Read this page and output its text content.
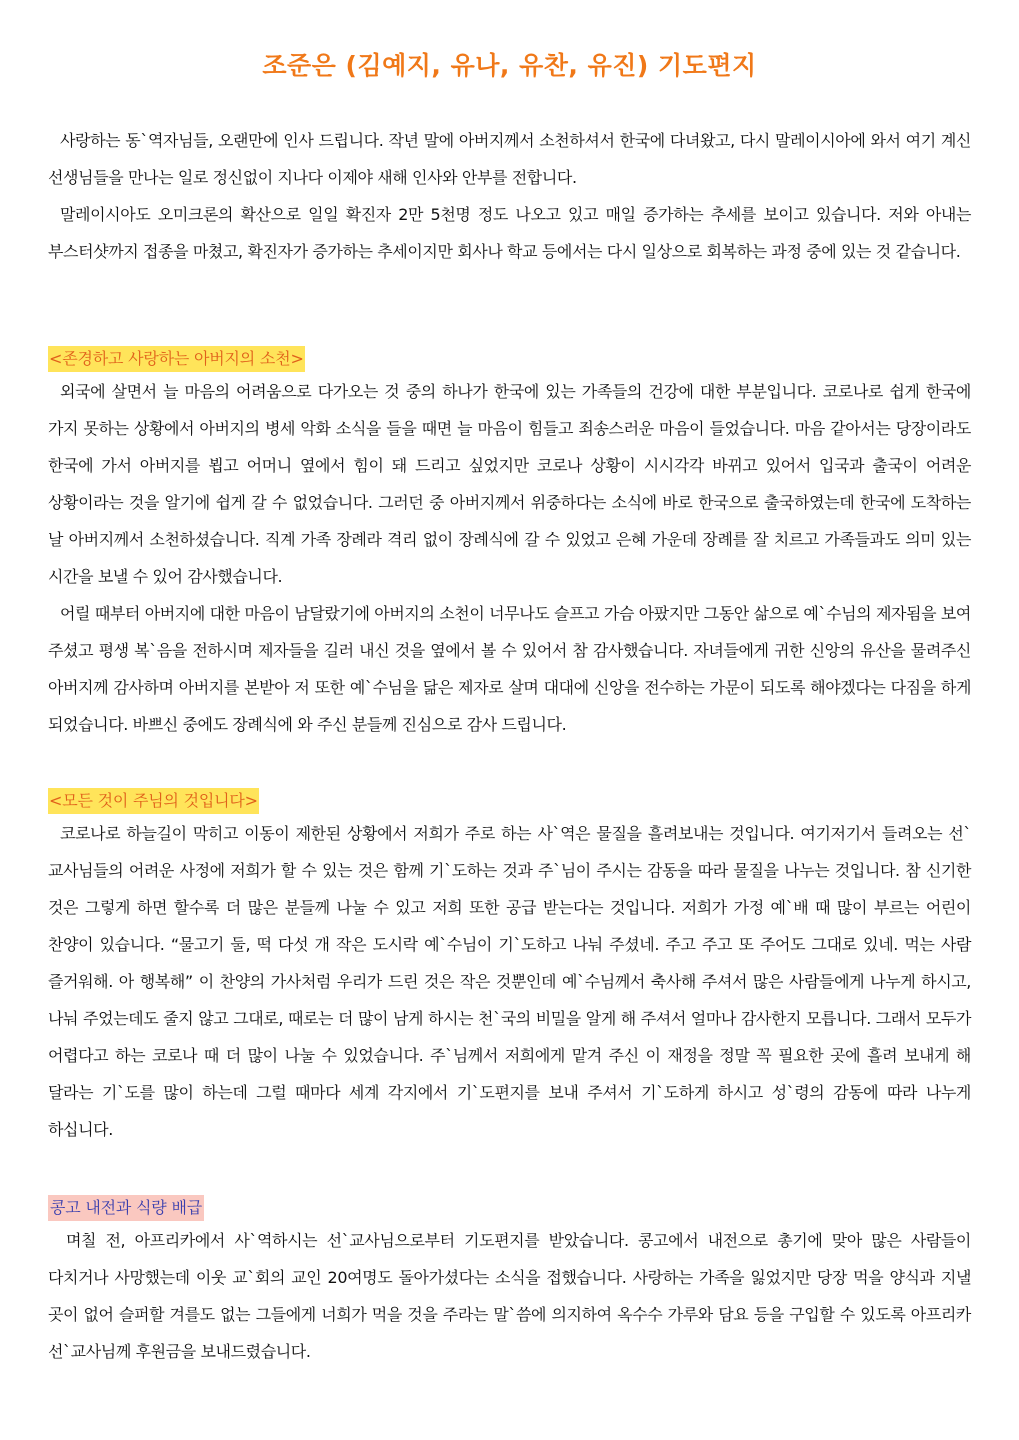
조준은 (김예지, 유나, 유찬, 유진) 기도편지

사랑하는 동`역자님들, 오랜만에 인사 드립니다. 작년 말에 아버지께서 소천하셔서 한국에 다녀왔고, 다시 말레이시아에 와서 여기 계신 선생님들을 만나는 일로 정신없이 지나다 이제야 새해 인사와 안부를 전합니다.

말레이시아도 오미크론의 확산으로 일일 확진자 2만 5천명 정도 나오고 있고 매일 증가하는 추세를 보이고 있습니다. 저와 아내는 부스터샷까지 접종을 마쳤고, 확진자가 증가하는 추세이지만 회사나 학교 등에서는 다시 일상으로 회복하는 과정 중에 있는 것 같습니다.

<존경하고 사랑하는 아버지의 소천>

외국에 살면서 늘 마음의 어려움으로 다가오는 것 중의 하나가 한국에 있는 가족들의 건강에 대한 부분입니다. 코로나로 쉽게 한국에 가지 못하는 상황에서 아버지의 병세 악화 소식을 들을 때면 늘 마음이 힘들고 죄송스러운 마음이 들었습니다. 마음 같아서는 당장이라도 한국에 가서 아버지를 뵙고 어머니 옆에서 힘이 돼 드리고 싶었지만 코로나 상황이 시시각각 바뀌고 있어서 입국과 출국이 어려운 상황이라는 것을 알기에 쉽게 갈 수 없었습니다. 그러던 중 아버지께서 위중하다는 소식에 바로 한국으로 출국하였는데 한국에 도착하는 날 아버지께서 소천하셨습니다. 직계 가족 장례라 격리 없이 장례식에 갈 수 있었고 은혜 가운데 장례를 잘 치르고 가족들과도 의미 있는 시간을 보낼 수 있어 감사했습니다.

어릴 때부터 아버지에 대한 마음이 남달랐기에 아버지의 소천이 너무나도 슬프고 가슴 아팠지만 그동안 삶으로 예`수님의 제자됨을 보여 주셨고 평생 복`음을 전하시며 제자들을 길러 내신 것을 옆에서 볼 수 있어서 참 감사했습니다. 자녀들에게 귀한 신앙의 유산을 물려주신 아버지께 감사하며 아버지를 본받아 저 또한 예`수님을 닮은 제자로 살며 대대에 신앙을 전수하는 가문이 되도록 해야겠다는 다짐을 하게 되었습니다. 바쁘신 중에도 장례식에 와 주신 분들께 진심으로 감사 드립니다.

<모든 것이 주님의 것입니다>

코로나로 하늘길이 막히고 이동이 제한된 상황에서 저희가 주로 하는 사`역은 물질을 흘려보내는 것입니다. 여기저기서 들려오는 선`교사님들의 어려운 사정에 저희가 할 수 있는 것은 함께 기`도하는 것과 주`님이 주시는 감동을 따라 물질을 나누는 것입니다. 참 신기한 것은 그렇게 하면 할수록 더 많은 분들께 나눌 수 있고 저희 또한 공급 받는다는 것입니다. 저희가 가정 예`배 때 많이 부르는 어린이 찬양이 있습니다. “물고기 둘, 떡 다섯 개 작은 도시락 예`수님이 기`도하고 나눠 주셨네. 주고 주고 또 주어도 그대로 있네. 먹는 사람 즐거워해. 아 행복해” 이 찬양의 가사처럼 우리가 드린 것은 작은 것뿐인데 예`수님께서 축사해 주셔서 많은 사람들에게 나누게 하시고, 나눠 주었는데도 줄지 않고 그대로, 때로는 더 많이 남게 하시는 천`국의 비밀을 알게 해 주셔서 얼마나 감사한지 모릅니다. 그래서 모두가 어렵다고 하는 코로나 때 더 많이 나눌 수 있었습니다. 주`님께서 저희에게 맡겨 주신 이 재정을 정말 꼭 필요한 곳에 흘려 보내게 해 달라는 기`도를 많이 하는데 그럴 때마다 세계 각지에서 기`도편지를 보내 주셔서 기`도하게 하시고 성`령의 감동에 따라 나누게 하십니다.

콩고 내전과 식량 배급

며칠 전, 아프리카에서 사`역하시는 선`교사님으로부터 기도편지를 받았습니다. 콩고에서 내전으로 총기에 맞아 많은 사람들이 다치거나 사망했는데 이웃 교`회의 교인 20여명도 돌아가셨다는 소식을 접했습니다. 사랑하는 가족을 잃었지만 당장 먹을 양식과 지낼 곳이 없어 슬퍼할 겨를도 없는 그들에게 너희가 먹을 것을 주라는 말`씀에 의지하여 옥수수 가루와 담요 등을 구입할 수 있도록 아프리카 선`교사님께 후원금을 보내드렸습니다.
